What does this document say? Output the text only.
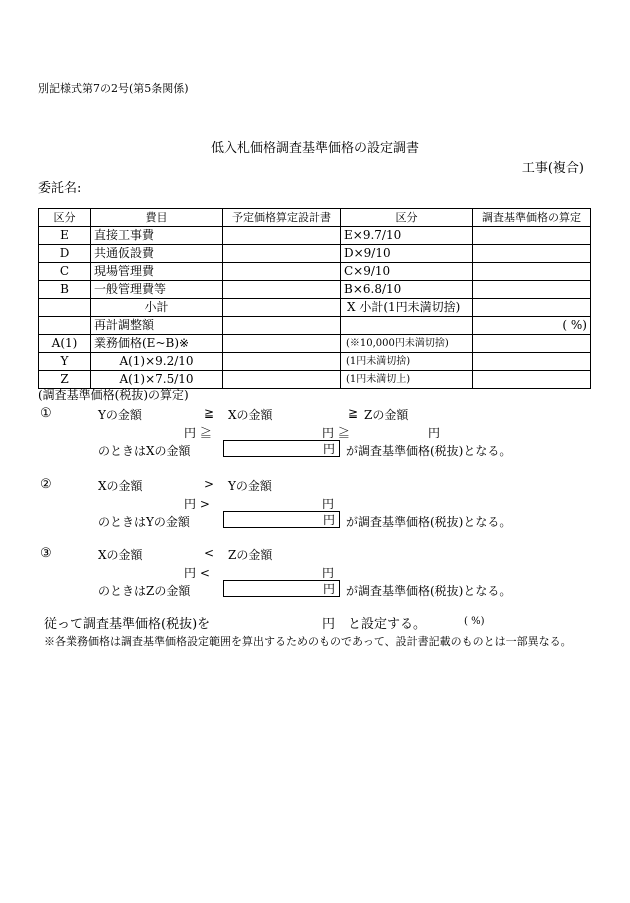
別記様式第7の2号(第5条関係)
低入札価格調査基準価格の設定調書
工事(複合)
委託名:
区分	費目	予定価格算定設計書	区分	調査基準価格の算定
E	直接工事費		E×9.7/10	
D	共通仮設費		D×9/10	
C	現場管理費		C×9/10	
B	一般管理費等		B×6.8/10	
	小計		X 小計(1円未満切捨)	
	再計調整額			( %)
A(1)	業務価格(E~B)※		(※10,000円未満切捨)	
Y	A(1)×9.2/10		(1円未満切捨)	
Z	A(1)×7.5/10		(1円未満切上)	
(調査基準価格(税抜)の算定)
①	Yの金額	≧ Xの金額	≧ Zの金額
円 ≧	円 ≧	円
のときはXの金額	円 が調査基準価格(税抜)となる。
②	Xの金額	> Yの金額
円 >	円
のときはYの金額	円 が調査基準価格(税抜)となる。
③	Xの金額	< Zの金額
円 <	円
のときはZの金額	円 が調査基準価格(税抜)となる。
従って調査基準価格(税抜)を	円 と設定する。	( %)
※各業務価格は調査基準価格設定範囲を算出するためのものであって、設計書記載のものとは一部異なる。
